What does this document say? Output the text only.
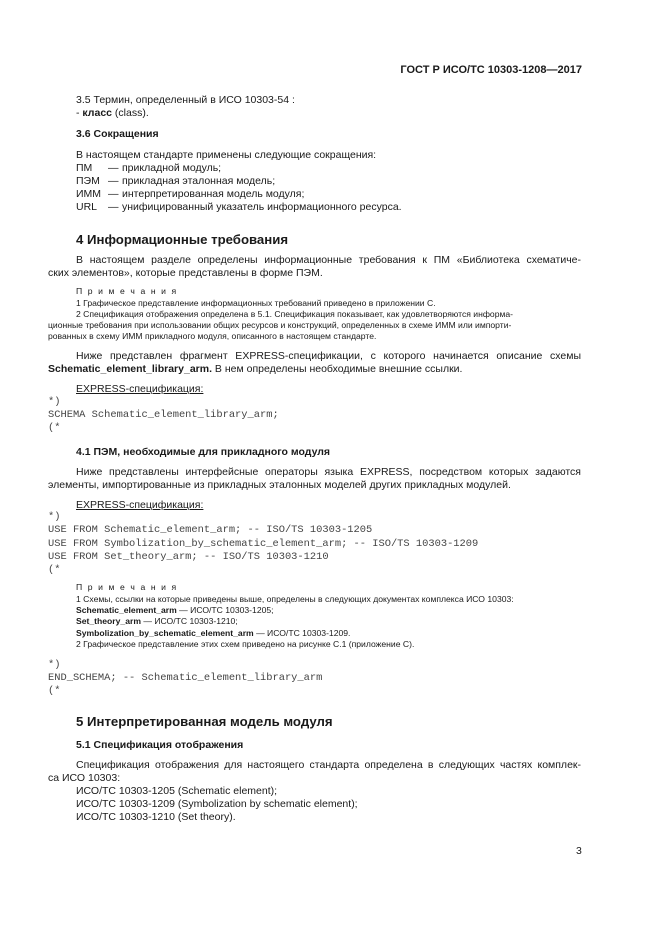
ГОСТ Р ИСО/ТС 10303-1208—2017
3.5 Термин, определенный в ИСО 10303-54 :
- класс (class).
3.6 Сокращения
В настоящем стандарте применены следующие сокращения:
ПМ — прикладной модуль;
ПЭМ — прикладная эталонная модель;
ИММ — интерпретированная модель модуля;
URL — унифицированный указатель информационного ресурса.
4 Информационные требования
В настоящем разделе определены информационные требования к ПМ «Библиотека схематиче-
ских элементов», которые представлены в форме ПЭМ.
П р и м е ч а н и я
1 Графическое представление информационных требований приведено в приложении С.
2 Спецификация отображения определена в 5.1. Спецификация показывает, как удовлетворяются информа-
ционные требования при использовании общих ресурсов и конструкций, определенных в схеме ИММ или импорти-
рованных в схему ИММ прикладного модуля, описанного в настоящем стандарте.
Ниже представлен фрагмент EXPRESS-спецификации, с которого начинается описание схемы
Schematic_element_library_arm. В нем определены необходимые внешние ссылки.
EXPRESS-спецификация:
*)
SCHEMA Schematic_element_library_arm;
(*
4.1 ПЭМ, необходимые для прикладного модуля
Ниже представлены интерфейсные операторы языка EXPRESS, посредством которых задаются
элементы, импортированные из прикладных эталонных моделей других прикладных модулей.
EXPRESS-спецификация:
*)
USE FROM Schematic_element_arm; -- ISO/TS 10303-1205
USE FROM Symbolization_by_schematic_element_arm; -- ISO/TS 10303-1209
USE FROM Set_theory_arm; -- ISO/TS 10303-1210
(*
П р и м е ч а н и я
1 Схемы, ссылки на которые приведены выше, определены в следующих документах комплекса ИСО 10303:
Schematic_element_arm — ИСО/ТС 10303-1205;
Set_theory_arm — ИСО/ТС 10303-1210;
Symbolization_by_schematic_element_arm — ИСО/ТС 10303-1209.
2 Графическое представление этих схем приведено на рисунке С.1 (приложение С).
*)
END_SCHEMA; -- Schematic_element_library_arm
(*
5 Интерпретированная модель модуля
5.1 Спецификация отображения
Спецификация отображения для настоящего стандарта определена в следующих частях комплек-
са ИСО 10303:
ИСО/ТС 10303-1205 (Schematic element);
ИСО/ТС 10303-1209 (Symbolization by schematic element);
ИСО/ТС 10303-1210 (Set theory).
3
